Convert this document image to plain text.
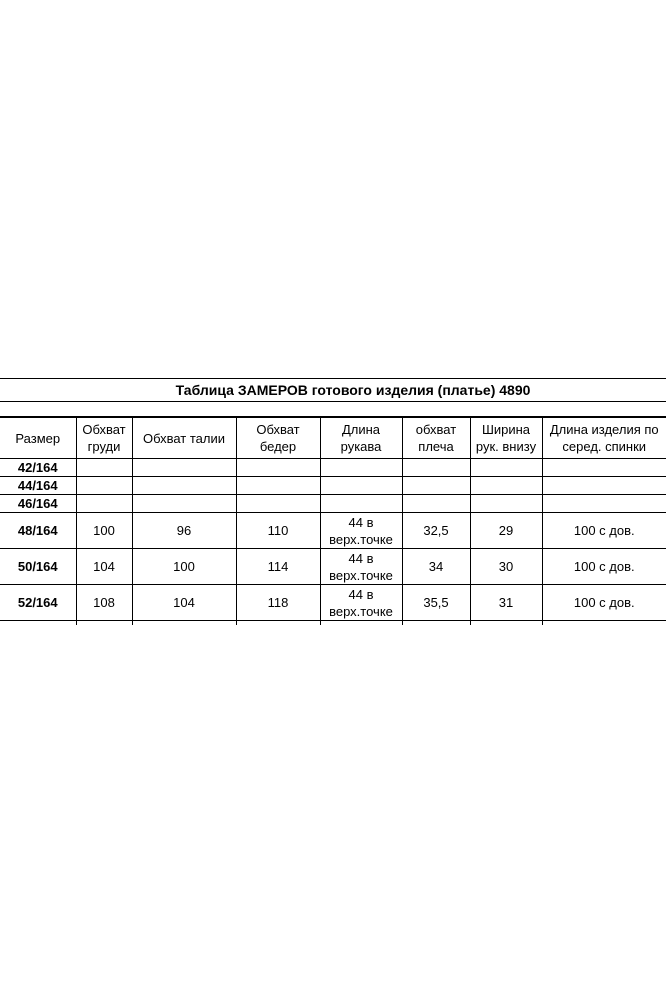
Таблица ЗАМЕРОВ готового изделия (платье) 4890
Размер	Обхват груди	Обхват талии	Обхват бедер	Длина рукава	обхват плеча	Ширина рук. внизу	Длина изделия по серед. спинки
42/164							
44/164							
46/164							
48/164	100	96	110	44 в верх.точке	32,5	29	100 с дов.
50/164	104	100	114	44 в верх.точке	34	30	100 с дов.
52/164	108	104	118	44 в верх.точке	35,5	31	100 с дов.
